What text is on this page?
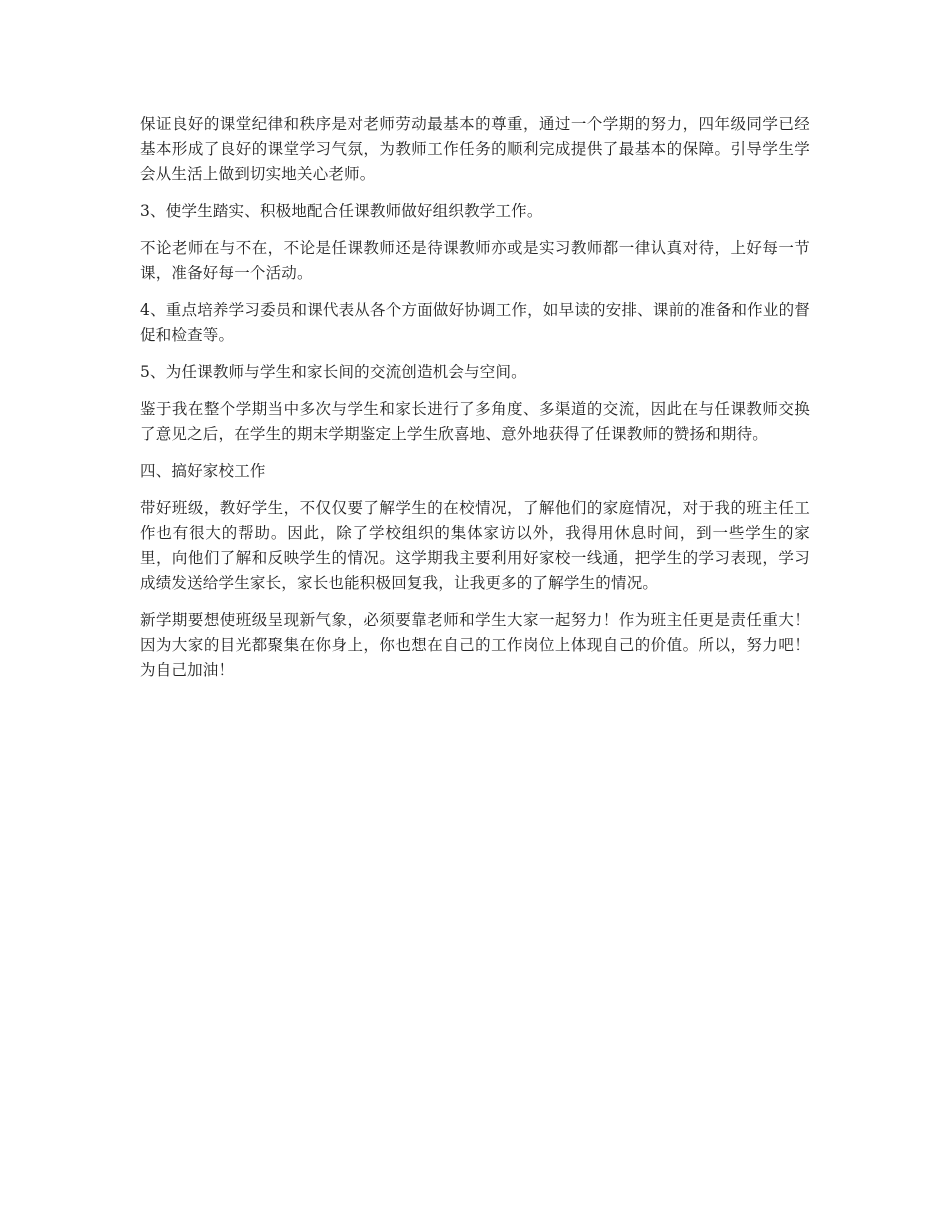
保证良好的课堂纪律和秩序是对老师劳动最基本的尊重，通过一个学期的努力，四年级同学已经基本形成了良好的课堂学习气氛，为教师工作任务的顺利完成提供了最基本的保障。引导学生学会从生活上做到切实地关心老师。

3、使学生踏实、积极地配合任课教师做好组织教学工作。

不论老师在与不在，不论是任课教师还是待课教师亦或是实习教师都一律认真对待，上好每一节课，准备好每一个活动。

4、重点培养学习委员和课代表从各个方面做好协调工作，如早读的安排、课前的准备和作业的督促和检查等。

5、为任课教师与学生和家长间的交流创造机会与空间。

鉴于我在整个学期当中多次与学生和家长进行了多角度、多渠道的交流，因此在与任课教师交换了意见之后，在学生的期末学期鉴定上学生欣喜地、意外地获得了任课教师的赞扬和期待。

四、搞好家校工作

带好班级，教好学生，不仅仅要了解学生的在校情况，了解他们的家庭情况，对于我的班主任工作也有很大的帮助。因此，除了学校组织的集体家访以外，我得用休息时间，到一些学生的家里，向他们了解和反映学生的情况。这学期我主要利用好家校一线通，把学生的学习表现，学习成绩发送给学生家长，家长也能积极回复我，让我更多的了解学生的情况。

新学期要想使班级呈现新气象，必须要靠老师和学生大家一起努力！作为班主任更是责任重大！因为大家的目光都聚集在你身上，你也想在自己的工作岗位上体现自己的价值。所以，努力吧！为自己加油！
